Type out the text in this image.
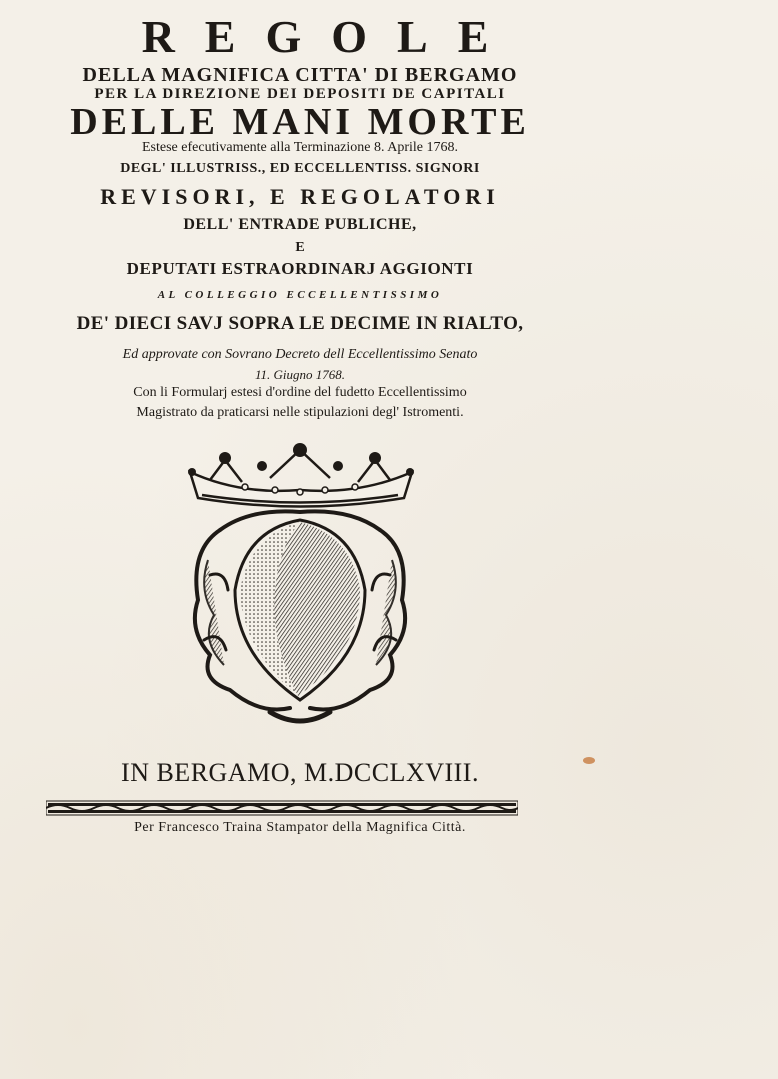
REGOLE
DELLA MAGNIFICA CITTA' DI BERGAMO
PER LA DIREZIONE DEI DEPOSITI DE CAPITALI
DELLE MANI MORTE
Estese efecutivamente alla Terminazione 8. Aprile 1768.
DEGL' ILLUSTRISS., ED ECCELLENTISS. SIGNORI
REVISORI, E REGOLATORI
DELL' ENTRADE PUBLICHE,
E
DEPUTATI ESTRAORDINARJ AGGIONTI
AL COLLEGGIO ECCELLENTISSIMO
DE' DIECI SAVJ SOPRA LE DECIME IN RIALTO,
Ed approvate con Sovrano Decreto dell Eccellentissimo Senato
11. Giugno 1768.
Con li Formularj estesi d'ordine del fudetto Eccellentissimo
Magistrato da praticarsi nelle stipulazioni degl' Istromenti.
IN BERGAMO, M.DCCLXVIII.
Per Francesco Traina Stampator della Magnifica Città.
